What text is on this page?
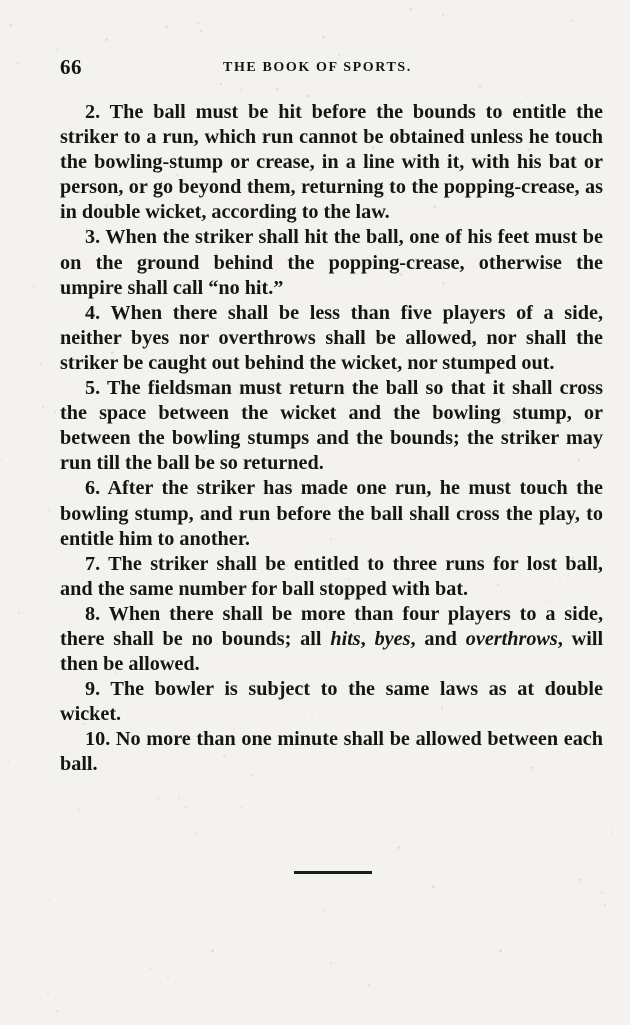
66	THE BOOK OF SPORTS.

2. The ball must be hit before the bounds to entitle the striker to a run, which run cannot be obtained unless he touch the bowling-stump or crease, in a line with it, with his bat or person, or go beyond them, returning to the popping-crease, as in double wicket, according to the law.

3. When the striker shall hit the ball, one of his feet must be on the ground behind the popping-crease, otherwise the umpire shall call “no hit.”

4. When there shall be less than five players of a side, neither byes nor overthrows shall be allowed, nor shall the striker be caught out behind the wicket, nor stumped out.

5. The fieldsman must return the ball so that it shall cross the space between the wicket and the bowling stump, or between the bowling stumps and the bounds; the striker may run till the ball be so returned.

6. After the striker has made one run, he must touch the bowling stump, and run before the ball shall cross the play, to entitle him to another.

7. The striker shall be entitled to three runs for lost ball, and the same number for ball stopped with bat.

8. When there shall be more than four players to a side, there shall be no bounds; all hits, byes, and overthrows, will then be allowed.

9. The bowler is subject to the same laws as at double wicket.

10. No more than one minute shall be allowed between each ball.
